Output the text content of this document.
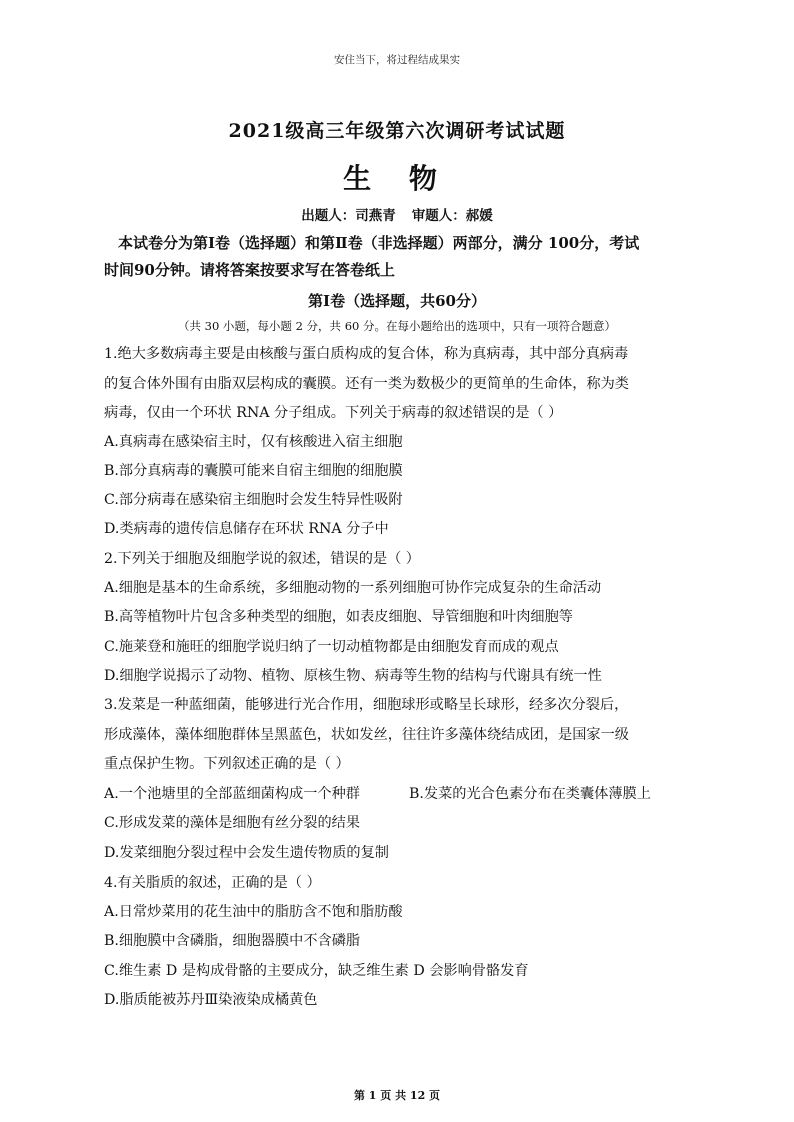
安住当下，将过程结成果实
2021级高三年级第六次调研考试试题
生 物
出题人：司燕青 审题人：郝媛
本试卷分为第Ⅰ卷（选择题）和第Ⅱ卷（非选择题）两部分，满分 100分，考试
时间90分钟。请将答案按要求写在答卷纸上
第Ⅰ卷（选择题，共60分）
（共 30 小题，每小题 2 分，共 60 分。在每小题给出的选项中，只有一项符合题意）
1.绝大多数病毒主要是由核酸与蛋白质构成的复合体，称为真病毒，其中部分真病毒
的复合体外围有由脂双层构成的囊膜。还有一类为数极少的更简单的生命体，称为类
病毒，仅由一个环状 RNA 分子组成。下列关于病毒的叙述错误的是（ ）
A.真病毒在感染宿主时，仅有核酸进入宿主细胞
B.部分真病毒的囊膜可能来自宿主细胞的细胞膜
C.部分病毒在感染宿主细胞时会发生特异性吸附
D.类病毒的遗传信息储存在环状 RNA 分子中
2.下列关于细胞及细胞学说的叙述，错误的是（ ）
A.细胞是基本的生命系统，多细胞动物的一系列细胞可协作完成复杂的生命活动
B.高等植物叶片包含多种类型的细胞，如表皮细胞、导管细胞和叶肉细胞等
C.施莱登和施旺的细胞学说归纳了一切动植物都是由细胞发育而成的观点
D.细胞学说揭示了动物、植物、原核生物、病毒等生物的结构与代谢具有统一性
3.发菜是一种蓝细菌，能够进行光合作用，细胞球形或略呈长球形，经多次分裂后，
形成藻体，藻体细胞群体呈黑蓝色，状如发丝，往往许多藻体绕结成团，是国家一级
重点保护生物。下列叙述正确的是（ ）
A.一个池塘里的全部蓝细菌构成一个种群	B.发菜的光合色素分布在类囊体薄膜上
C.形成发菜的藻体是细胞有丝分裂的结果
D.发菜细胞分裂过程中会发生遗传物质的复制
4.有关脂质的叙述，正确的是（ ）
A.日常炒菜用的花生油中的脂肪含不饱和脂肪酸
B.细胞膜中含磷脂，细胞器膜中不含磷脂
C.维生素 D 是构成骨骼的主要成分，缺乏维生素 D 会影响骨骼发育
D.脂质能被苏丹Ⅲ染液染成橘黄色
第 1 页 共 12 页
